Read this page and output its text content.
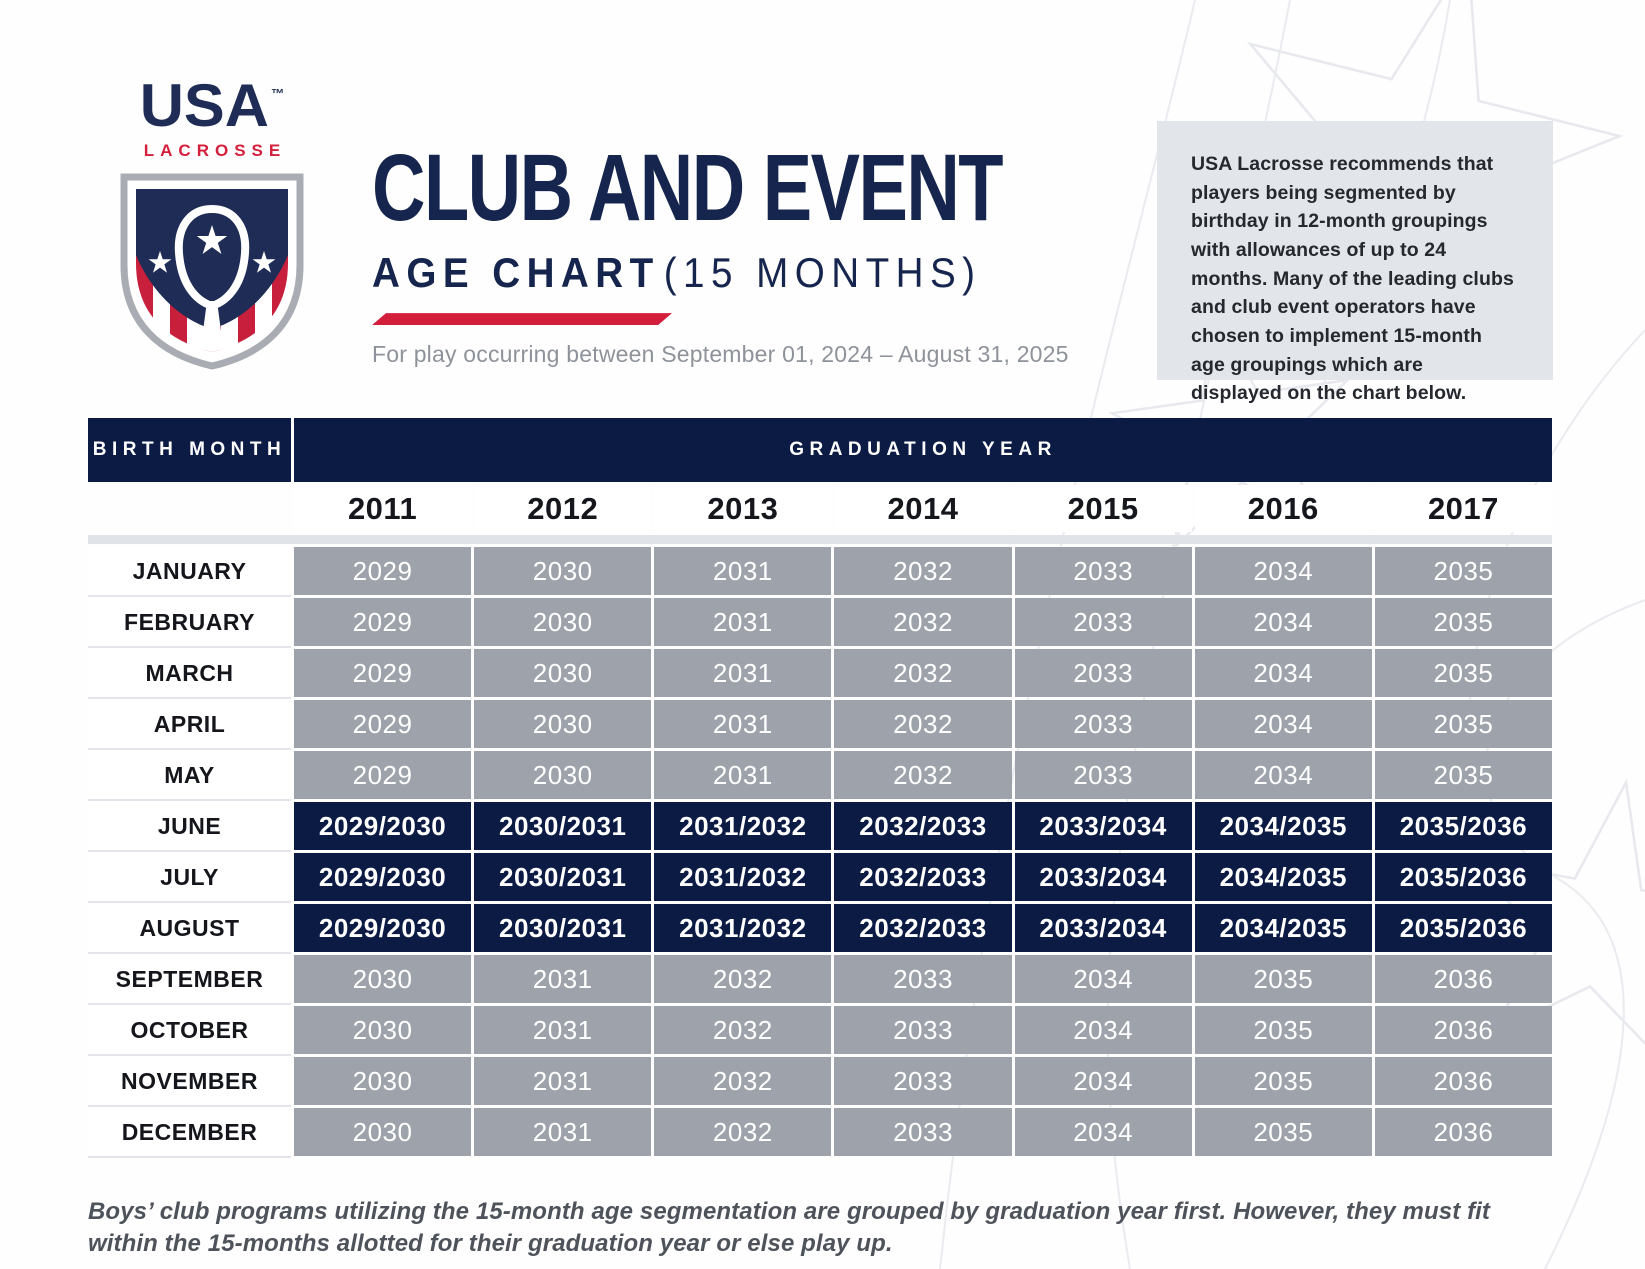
USA ™
LACROSSE CLUB AND EVENT
AGE CHART (15 MONTHS)
For play occurring between September 01, 2024 – August 31, 2025

USA Lacrosse recommends that players being segmented by birthday in 12-month groupings with allowances of up to 24 months. Many of the leading clubs and club event operators have chosen to implement 15-month age groupings which are displayed on the chart below.

BIRTH MONTH	GRADUATION YEAR						
	2011	2012	2013	2014	2015	2016	2017

JANUARY	2029	2030	2031	2032	2033	2034	2035
FEBRUARY	2029	2030	2031	2032	2033	2034	2035
MARCH	2029	2030	2031	2032	2033	2034	2035
APRIL	2029	2030	2031	2032	2033	2034	2035
MAY	2029	2030	2031	2032	2033	2034	2035
JUNE	2029/2030	2030/2031	2031/2032	2032/2033	2033/2034	2034/2035	2035/2036
JULY	2029/2030	2030/2031	2031/2032	2032/2033	2033/2034	2034/2035	2035/2036
AUGUST	2029/2030	2030/2031	2031/2032	2032/2033	2033/2034	2034/2035	2035/2036
SEPTEMBER	2030	2031	2032	2033	2034	2035	2036
OCTOBER	2030	2031	2032	2033	2034	2035	2036
NOVEMBER	2030	2031	2032	2033	2034	2035	2036
DECEMBER	2030	2031	2032	2033	2034	2035	2036

Boys’ club programs utilizing the 15-month age segmentation are grouped by graduation year first. However, they must fit within the 15-months allotted for their graduation year or else play up.
